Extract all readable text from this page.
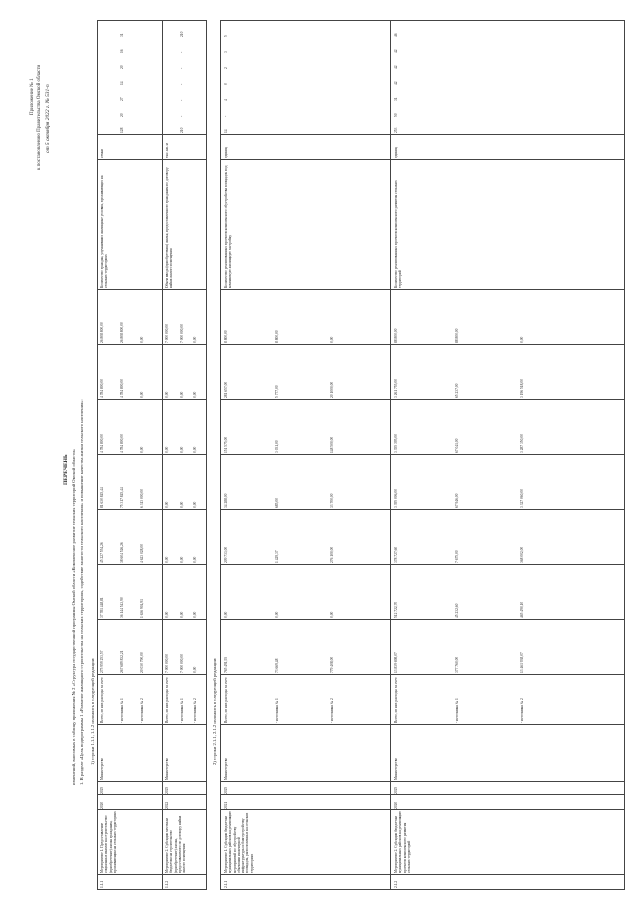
Приложение № 1 к постановлению Правительства Омской области от 5 октября 2022 г. № 531-п
ПЕРЕЧЕНЬ изменений, вносимых в таблицу приложения № 2 «Структура государственной программы Омской области «Комплексное развитие сельских территорий Омской области» 1. В разделе «Цель подпрограммы 1 «Развитие жилищного строительства на сельских территориях, содействие занятости сельского населения» и повышение качества жизни сельского населения»: 1) строки 1.1.1, 1.1.2 изложить в следующей редакции:
1.1.1
Мероприятие 1. Предоставление социальных выплат на строительство (приобретение) жилья гражданам, проживающим на сельских территориях
2020
2025
Министерство
Всего, из них расходы за счет:	- источника № 1	- источника № 2
275 959 253,57	267 689 832,21	20 030 790,00
37 781 448,81	36 144 543,90	1 636 904,91
45 227 554,26	38 604 526,26	4 623 028,00
81 630 845,44	75 317 845,44	6 313 000,00
4 784 800,00	4 784 800,00	0,00
4 784 800,00	4 784 800,00	0,00
26 808 800,00	26 808 800,00	0,00
Количество граждан, улучшивших жилищные условия, проживающих на сельских территориях
семьи
128
20
27
14
20
16
31
1.1.2
Мероприятие 2. Субсидии местным бюджетам на строительство (приобретение) жилья, предоставляемого по договору найма жилого помещения
2022
2025
Министерство
Всего, из них расходы за счет:	- источника № 1	- источника № 2
7 000 000,00	7 000 000,00	0,00
0,00	0,00	0,00
0,00	0,00	0,00
0,00	0,00	0,00
0,00	0,00	0,00
0,00	0,00	0,00
7 000 000,00	7 000 000,00	0,00
Объем ввода (приобретения) жилья, предоставленного гражданам по договору найма жилого помещения
тыс. кв. м
210
-
-
-
-
-
210
2) строки 2.1.1, 2.1.2 изложить в следующей редакции:
2.1.1
Мероприятие 1. Субсидии бюджетам муниципальных районов на реализацию мероприятий по обустройству объектами инженерной инфраструктуры и благоустройству площадок, расположенных на сельских территориях
2021
2025
Министерство
Всего, из них расходы за счет:	- источника № 1	- источника № 2
765 491,93	73 669,48	779 408,00
0,00	0,00	0,00
209 733,00	1 429,37	276 100,00
34 288,00	685,00	33 700,00
151 575,00	3 031,00	148 500,00
281 657,00	5 777,00	20 1000,00
8 800,00	8 800,00	0,00
Количество реализованных проектов комплексного обустройства площадок под компактную жилищную застройку
единиц
14
-
4
0
2
3
5
2.1.2
Мероприятие 2. Субсидии бюджетам муниципальных районов на реализацию проектов комплексного развития сельских территорий
2020
2025
Министерство
Всего, из них расходы за счет:	- источника № 1	- источника № 2
13 839 698,07	377 760,00	13 461 938,07
512 722,70	45 232,60	465 490,10
378 727,60	7 675,00	368 002,00
3 395 006,00	67 946,00	3 327 060,00
3 355 395,00	67 041,00	3 287 350,00
3 261 755,00	65 237,00	3 196 518,00
88 800,00	88 800,00	0,00
Количество реализованных проектов комплексного развития сельских территорий
единиц
253
50
31
42
42
42
46
